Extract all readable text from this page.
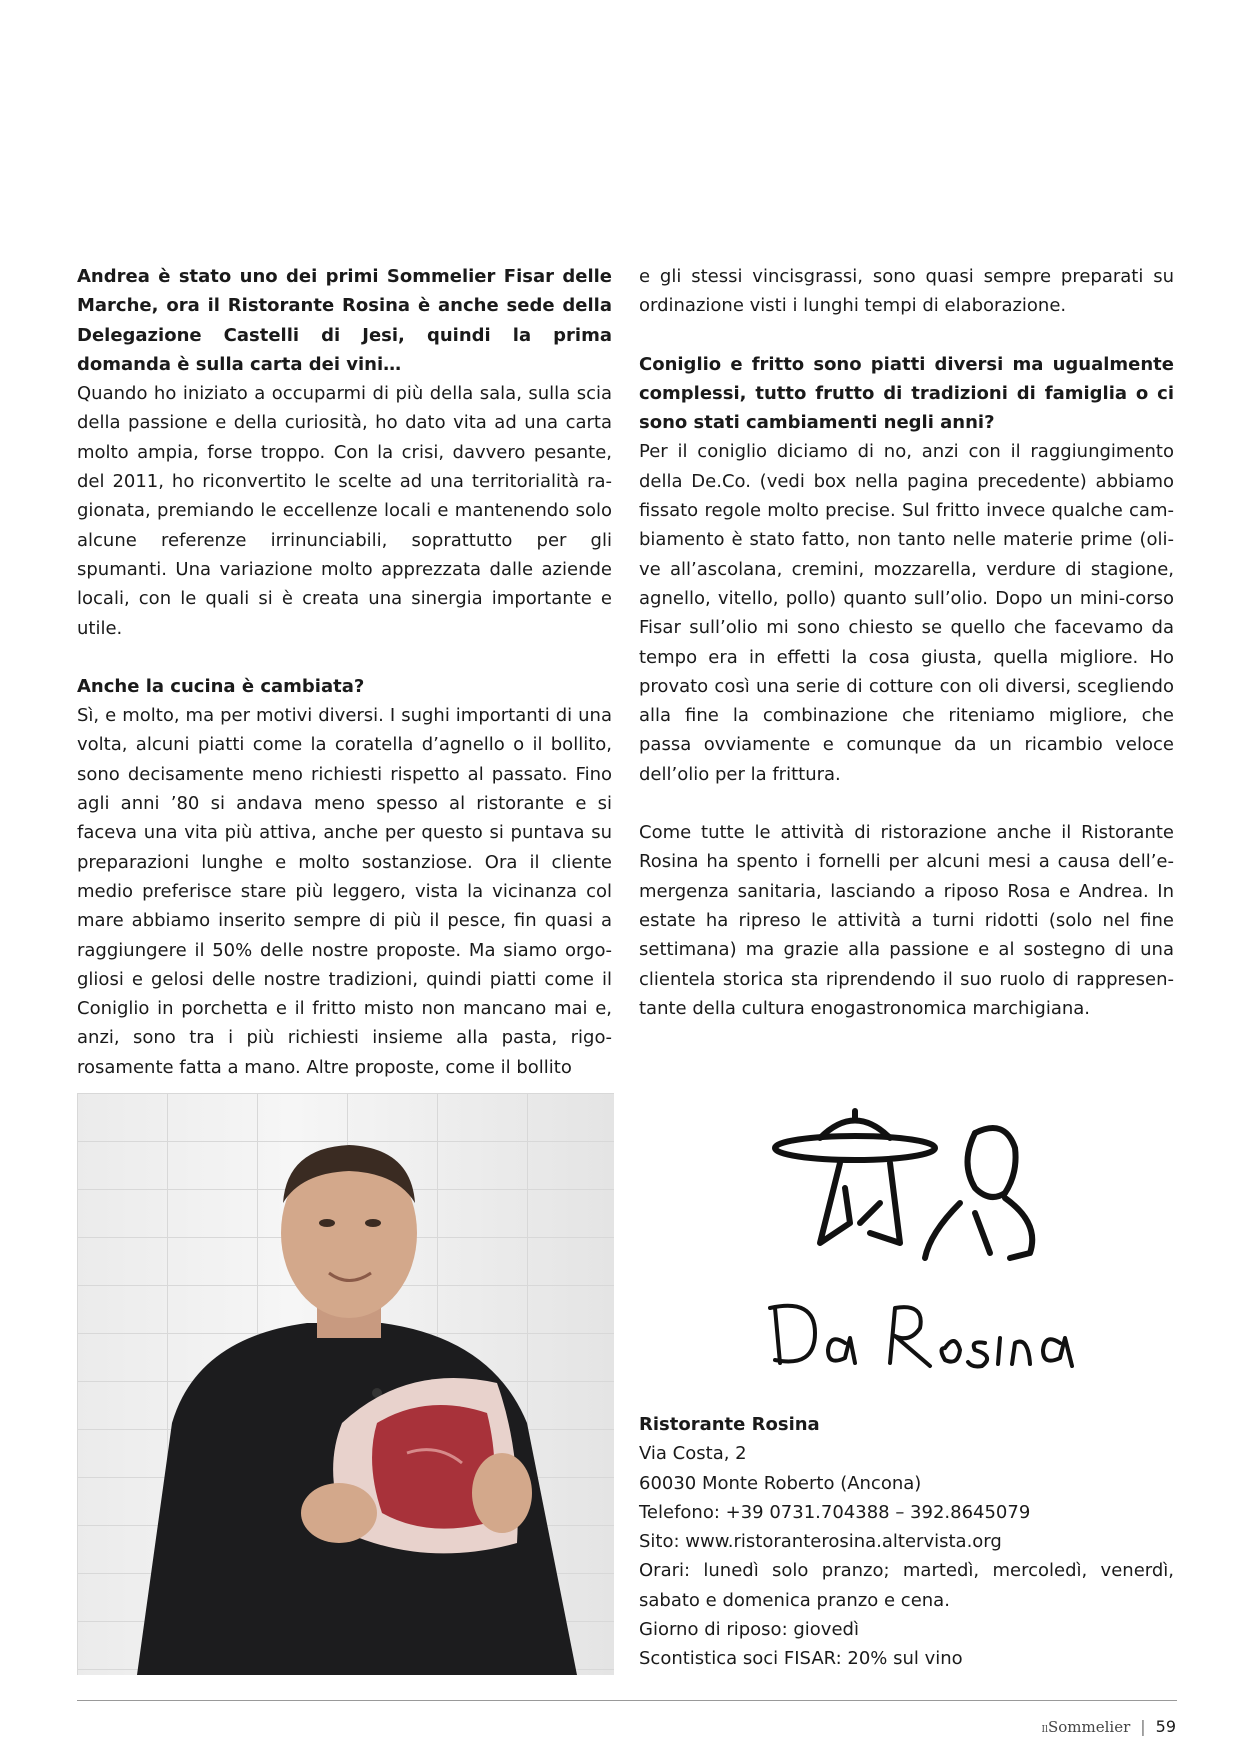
Andrea è stato uno dei primi Sommelier Fisar delle Marche, ora il Ristorante Rosina è anche sede della Delegazione Castelli di Jesi, quindi la prima domanda è sulla carta dei vini…

Quando ho iniziato a occuparmi di più della sala, sulla scia della passione e della curiosità, ho dato vita ad una carta molto ampia, forse troppo. Con la crisi, davvero pesante, del 2011, ho riconvertito le scelte ad una territorialità ragionata, premiando le eccellenze locali e mantenendo solo alcune referenze irrinunciabili, soprattutto per gli spumanti. Una variazione molto apprezzata dalle aziende locali, con le quali si è creata una sinergia importante e utile.

Anche la cucina è cambiata?

Sì, e molto, ma per motivi diversi. I sughi importanti di una volta, alcuni piatti come la coratella d’agnello o il bollito, sono decisamente meno richiesti rispetto al passato. Fino agli anni ’80 si andava meno spesso al ristorante e si faceva una vita più attiva, anche per questo si puntava su preparazioni lunghe e molto sostanziose. Ora il cliente medio preferisce stare più leggero, vista la vicinanza col mare abbiamo inserito sempre di più il pesce, fin quasi a raggiungere il 50% delle nostre proposte. Ma siamo orgogliosi e gelosi delle nostre tradizioni, quindi piatti come il Coniglio in porchetta e il fritto misto non mancano mai e, anzi, sono tra i più richiesti insieme alla pasta, rigorosamente fatta a mano. Altre proposte, come il bollito

e gli stessi vincisgrassi, sono quasi sempre preparati su ordinazione visti i lunghi tempi di elaborazione.

Coniglio e fritto sono piatti diversi ma ugualmente complessi, tutto frutto di tradizioni di famiglia o ci sono stati cambiamenti negli anni?

Per il coniglio diciamo di no, anzi con il raggiungimento della De.Co. (vedi box nella pagina precedente) abbiamo fissato regole molto precise. Sul fritto invece qualche cambiamento è stato fatto, non tanto nelle materie prime (olive all’ascolana, cremini, mozzarella, verdure di stagione, agnello, vitello, pollo) quanto sull’olio. Dopo un mini-corso Fisar sull’olio mi sono chiesto se quello che facevamo da tempo era in effetti la cosa giusta, quella migliore. Ho provato così una serie di cotture con oli diversi, scegliendo alla fine la combinazione che riteniamo migliore, che passa ovviamente e comunque da un ricambio veloce dell’olio per la frittura.

Come tutte le attività di ristorazione anche il Ristorante Rosina ha spento i fornelli per alcuni mesi a causa dell’emergenza sanitaria, lasciando a riposo Rosa e Andrea. In estate ha ripreso le attività a turni ridotti (solo nel fine settimana) ma grazie alla passione e al sostegno di una clientela storica sta riprendendo il suo ruolo di rappresentante della cultura enogastronomica marchigiana.

Ristorante Rosina

Via Costa, 2

60030 Monte Roberto (Ancona)

Telefono: +39 0731.704388 – 392.8645079

Sito: www.ristoranterosina.altervista.org

Orari: lunedì solo pranzo; martedì, mercoledì, venerdì, sabato e domenica pranzo e cena.

Giorno di riposo: giovedì

Scontistica soci FISAR: 20% sul vino

IlSommelier | 59
